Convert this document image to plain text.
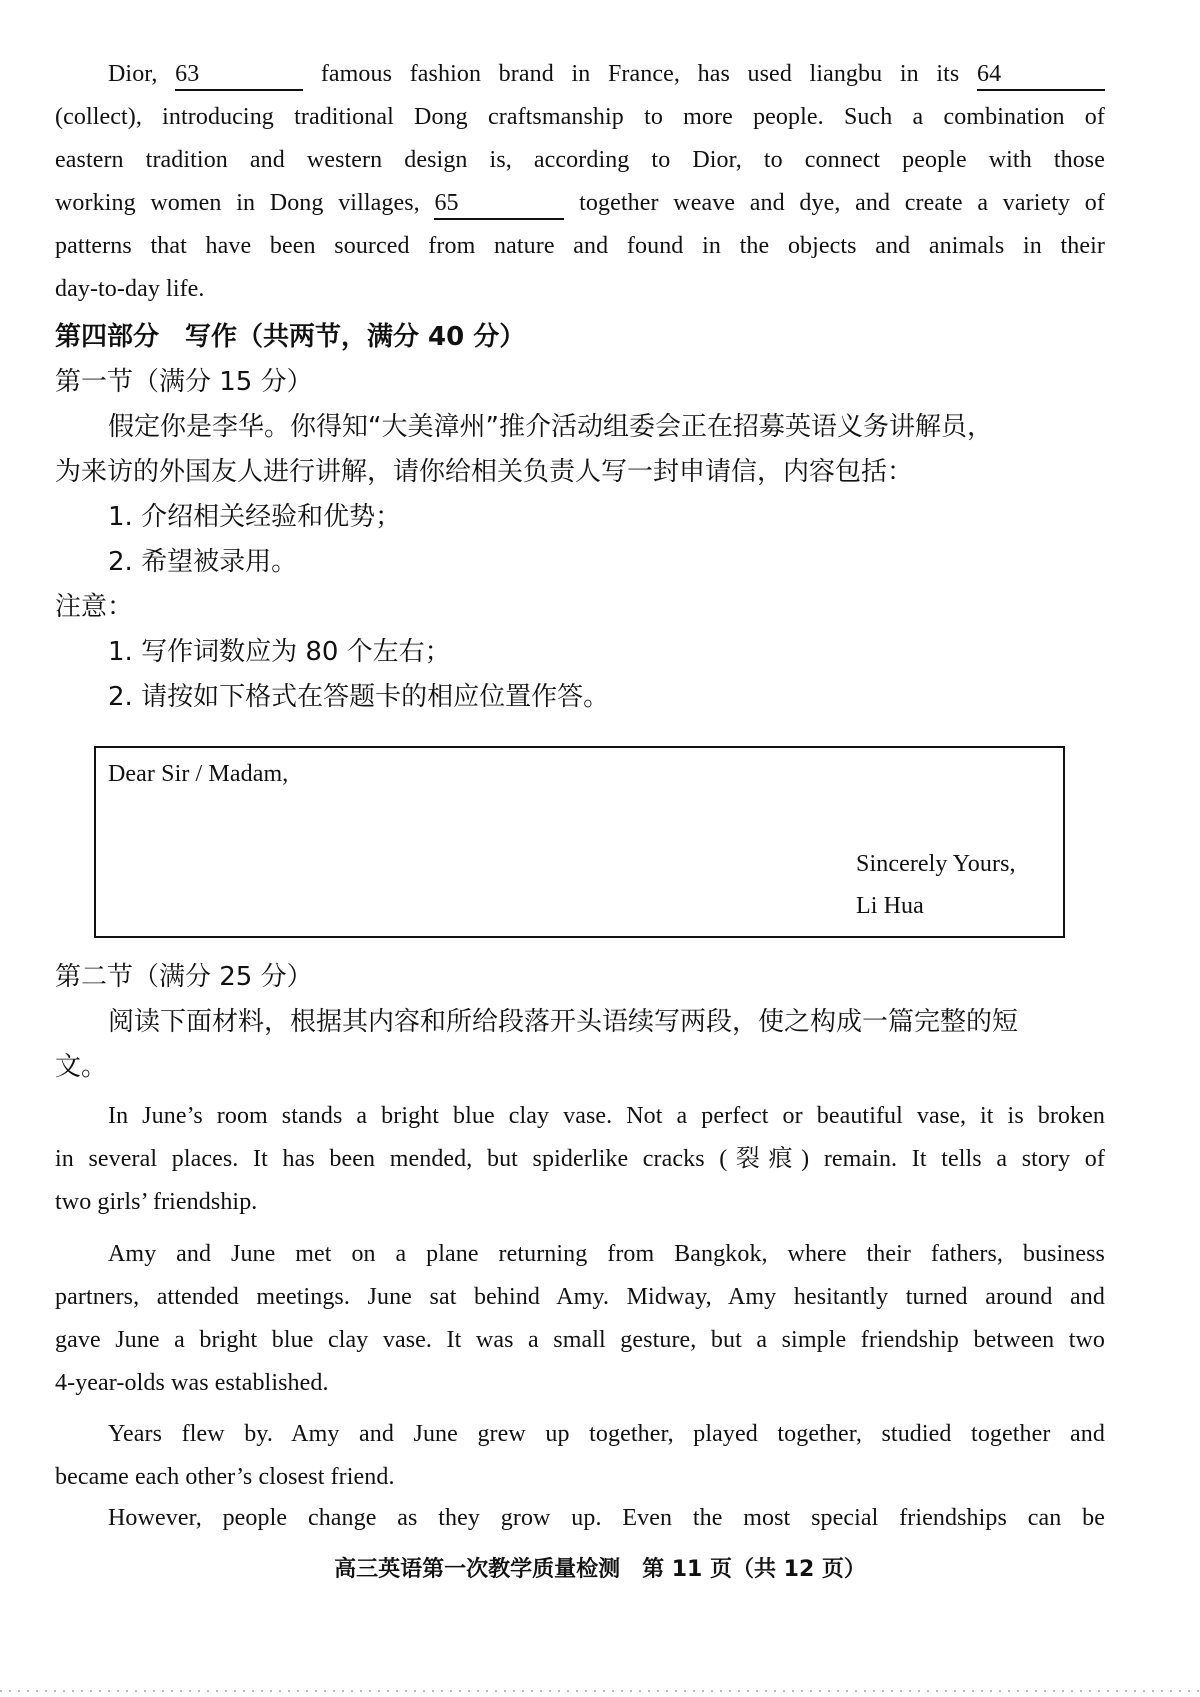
Dior, 63	famous fashion brand in France, has used liangbu in its 64
(collect), introducing traditional Dong craftsmanship to more people. Such a combination of
eastern tradition and western design is, according to Dior, to connect people with those
working women in Dong villages, 65	together weave and dye, and create a variety of
patterns that have been sourced from nature and found in the objects and animals in their
day-to-day life.
第四部分　写作（共两节，满分 40 分）
第一节（满分 15 分）
假定你是李华。你得知“大美漳州”推介活动组委会正在招募英语义务讲解员，
为来访的外国友人进行讲解，请你给相关负责人写一封申请信，内容包括：
1. 介绍相关经验和优势；
2. 希望被录用。
注意：
1. 写作词数应为 80 个左右；
2. 请按如下格式在答题卡的相应位置作答。
Dear Sir / Madam,
Sincerely Yours,
Li Hua
第二节（满分 25 分）
阅读下面材料，根据其内容和所给段落开头语续写两段，使之构成一篇完整的短
文。
In June’s room stands a bright blue clay vase. Not a perfect or beautiful vase, it is broken
in several places. It has been mended, but spiderlike cracks (裂痕) remain. It tells a story of
two girls’ friendship.
Amy and June met on a plane returning from Bangkok, where their fathers, business
partners, attended meetings. June sat behind Amy. Midway, Amy hesitantly turned around and
gave June a bright blue clay vase. It was a small gesture, but a simple friendship between two
4-year-olds was established.
Years flew by. Amy and June grew up together, played together, studied together and
became each other’s closest friend.
However, people change as they grow up. Even the most special friendships can be
高三英语第一次教学质量检测　第 11 页（共 12 页）
